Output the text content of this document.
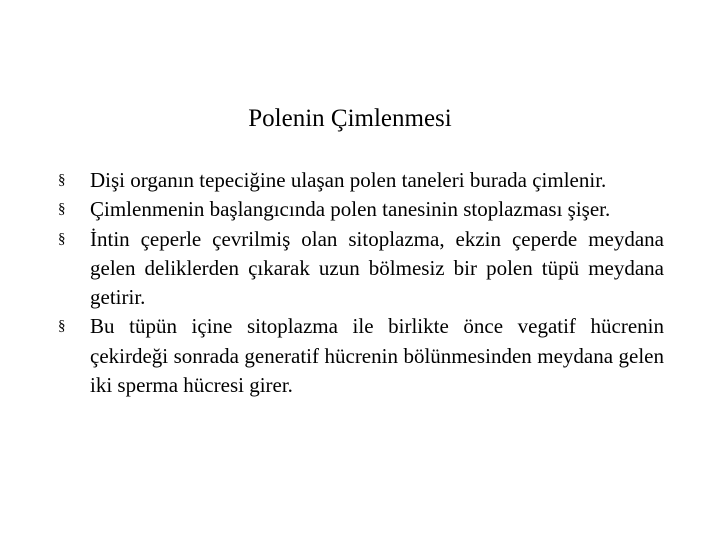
Polenin Çimlenmesi
§ Dişi organın tepeciğine ulaşan polen taneleri burada çimlenir.
§ Çimlenmenin başlangıcında polen tanesinin stoplazması şişer.
§ İntin çeperle çevrilmiş olan sitoplazma, ekzin çeperde meydana gelen deliklerden çıkarak uzun bölmesiz bir polen tüpü meydana getirir.
§ Bu tüpün içine sitoplazma ile birlikte önce vegatif hücrenin çekirdeği sonrada generatif hücrenin bölünmesinden meydana gelen iki sperma hücresi girer.
